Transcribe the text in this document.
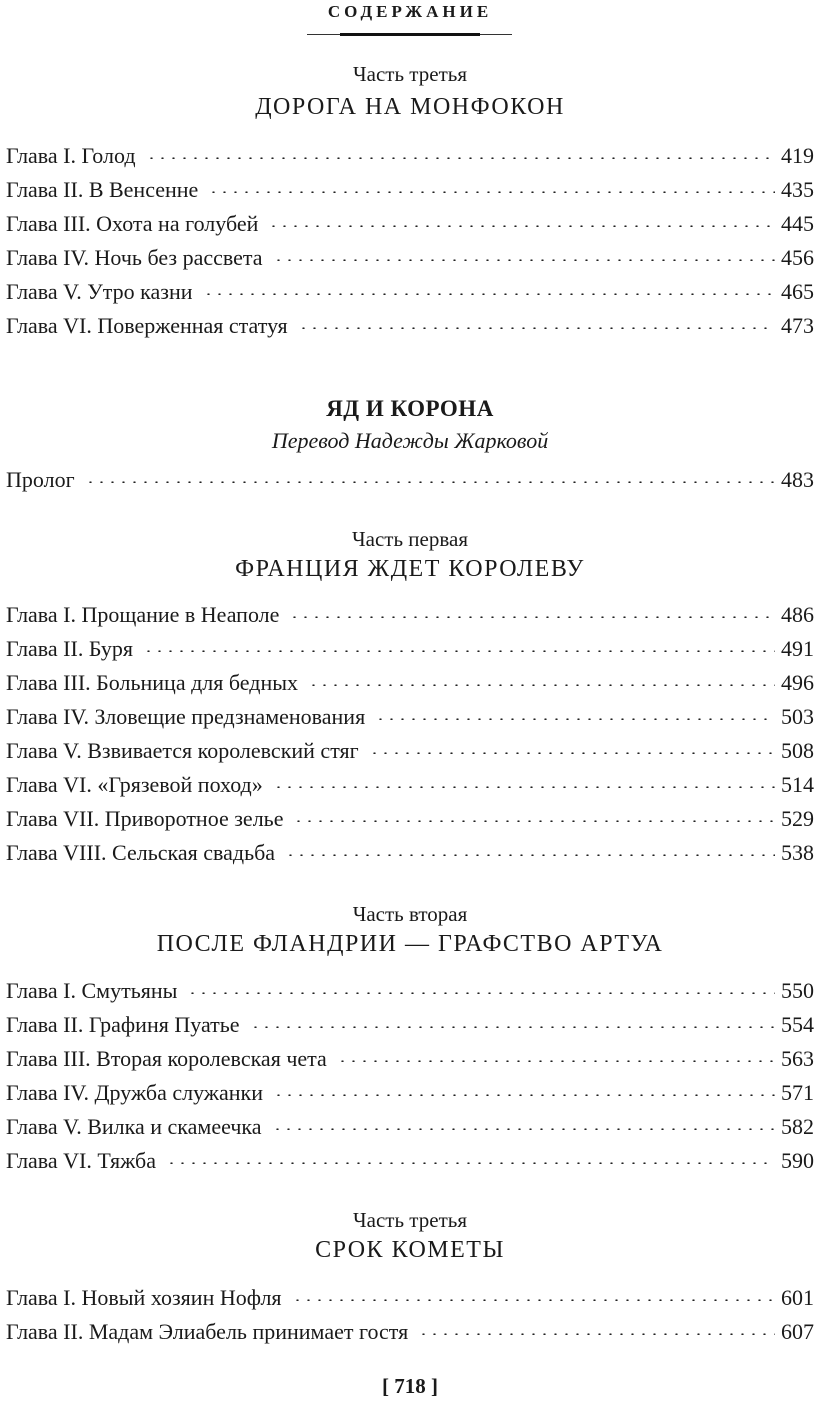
СОДЕРЖАНИЕ
Часть третья
ДОРОГА НА МОНФОКОН
Глава I. Голод	419
Глава II. В Венсенне	435
Глава III. Охота на голубей	445
Глава IV. Ночь без рассвета	456
Глава V. Утро казни	465
Глава VI. Поверженная статуя	473
ЯД И КОРОНА
Перевод Надежды Жарковой
Пролог	483
Часть первая
ФРАНЦИЯ ЖДЕТ КОРОЛЕВУ
Глава I. Прощание в Неаполе	486
Глава II. Буря	491
Глава III. Больница для бедных	496
Глава IV. Зловещие предзнаменования	503
Глава V. Взвивается королевский стяг	508
Глава VI. «Грязевой поход»	514
Глава VII. Приворотное зелье	529
Глава VIII. Сельская свадьба	538
Часть вторая
ПОСЛЕ ФЛАНДРИИ — ГРАФСТВО АРТУА
Глава I. Смутьяны	550
Глава II. Графиня Пуатье	554
Глава III. Вторая королевская чета	563
Глава IV. Дружба служанки	571
Глава V. Вилка и скамеечка	582
Глава VI. Тяжба	590
Часть третья
СРОК КОМЕТЫ
Глава I. Новый хозяин Нофля	601
Глава II. Мадам Элиабель принимает гостя	607
[ 718 ]
